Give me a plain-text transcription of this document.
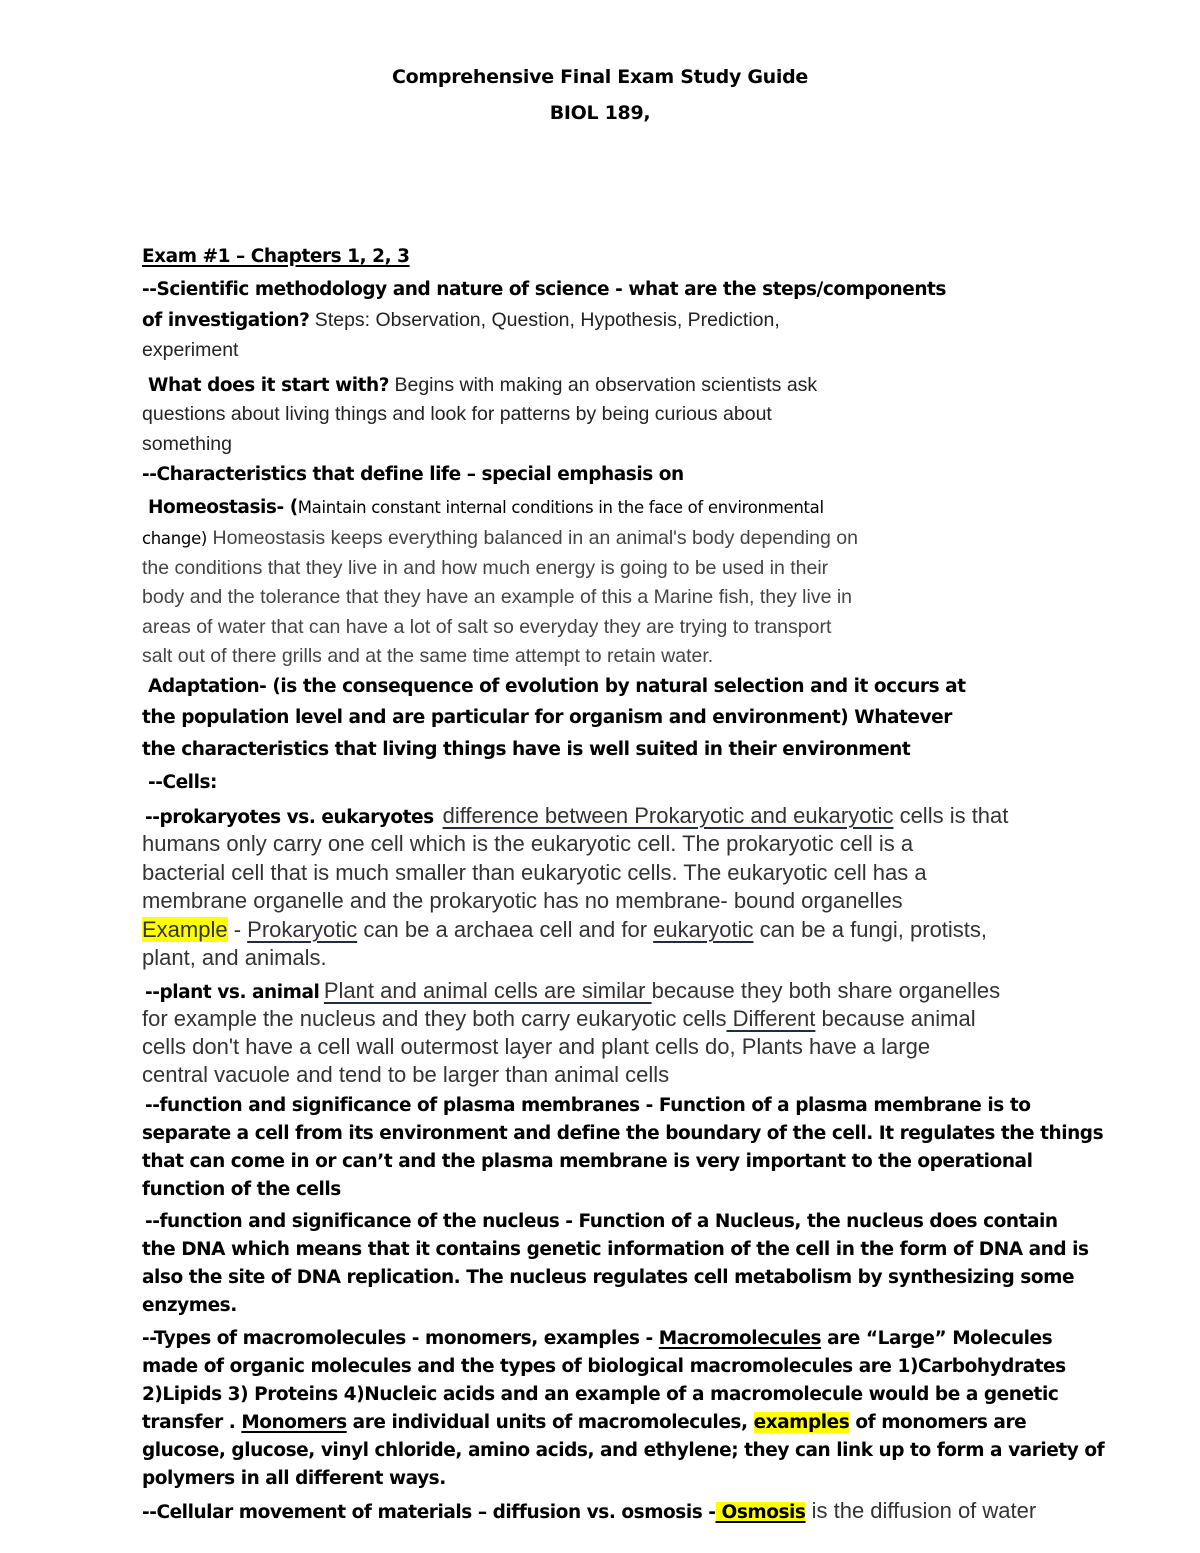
Comprehensive Final Exam Study Guide
BIOL 189,
Exam #1 – Chapters 1, 2, 3
--Scientific methodology and nature of science - what are the steps/components
of investigation? Steps: Observation, Question, Hypothesis, Prediction,
experiment
What does it start with? Begins with making an observation scientists ask
questions about living things and look for patterns by being curious about
something
--Characteristics that define life – special emphasis on
Homeostasis- (Maintain constant internal conditions in the face of environmental
change) Homeostasis keeps everything balanced in an animal's body depending on
the conditions that they live in and how much energy is going to be used in their
body and the tolerance that they have an example of this a Marine fish, they live in
areas of water that can have a lot of salt so everyday they are trying to transport
salt out of there grills and at the same time attempt to retain water.
Adaptation- (is the consequence of evolution by natural selection and it occurs at
the population level and are particular for organism and environment) Whatever
the characteristics that living things have is well suited in their environment
--Cells:
--prokaryotes vs. eukaryotes difference between Prokaryotic and eukaryotic cells is that
humans only carry one cell which is the eukaryotic cell. The prokaryotic cell is a
bacterial cell that is much smaller than eukaryotic cells. The eukaryotic cell has a
membrane organelle and the prokaryotic has no membrane- bound organelles
Example - Prokaryotic can be a archaea cell and for eukaryotic can be a fungi, protists,
plant, and animals.
--plant vs. animal Plant and animal cells are similar because they both share organelles
for example the nucleus and they both carry eukaryotic cells Different because animal
cells don't have a cell wall outermost layer and plant cells do, Plants have a large
central vacuole and tend to be larger than animal cells
--function and significance of plasma membranes - Function of a plasma membrane is to
separate a cell from its environment and define the boundary of the cell. It regulates the things
that can come in or can’t and the plasma membrane is very important to the operational
function of the cells
--function and significance of the nucleus - Function of a Nucleus, the nucleus does contain
the DNA which means that it contains genetic information of the cell in the form of DNA and is
also the site of DNA replication. The nucleus regulates cell metabolism by synthesizing some
enzymes.
--Types of macromolecules - monomers, examples - Macromolecules are “Large” Molecules
made of organic molecules and the types of biological macromolecules are 1)Carbohydrates
2)Lipids 3) Proteins 4)Nucleic acids and an example of a macromolecule would be a genetic
transfer . Monomers are individual units of macromolecules, examples of monomers are
glucose, glucose, vinyl chloride, amino acids, and ethylene; they can link up to form a variety of
polymers in all different ways.
--Cellular movement of materials – diffusion vs. osmosis - Osmosis is the diffusion of water
